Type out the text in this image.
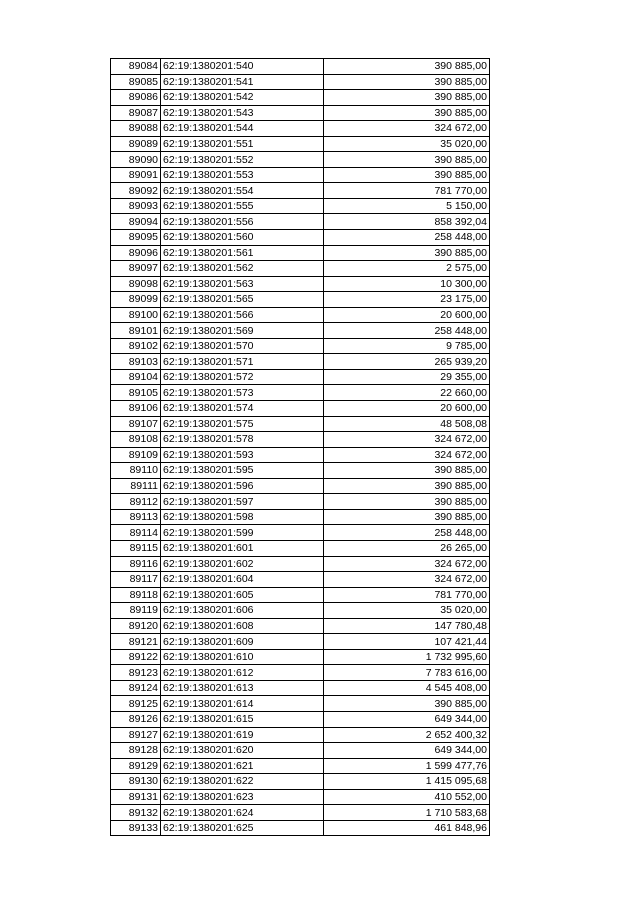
89084	62:19:1380201:540	390 885,00
89085	62:19:1380201:541	390 885,00
89086	62:19:1380201:542	390 885,00
89087	62:19:1380201:543	390 885,00
89088	62:19:1380201:544	324 672,00
89089	62:19:1380201:551	35 020,00
89090	62:19:1380201:552	390 885,00
89091	62:19:1380201:553	390 885,00
89092	62:19:1380201:554	781 770,00
89093	62:19:1380201:555	5 150,00
89094	62:19:1380201:556	858 392,04
89095	62:19:1380201:560	258 448,00
89096	62:19:1380201:561	390 885,00
89097	62:19:1380201:562	2 575,00
89098	62:19:1380201:563	10 300,00
89099	62:19:1380201:565	23 175,00
89100	62:19:1380201:566	20 600,00
89101	62:19:1380201:569	258 448,00
89102	62:19:1380201:570	9 785,00
89103	62:19:1380201:571	265 939,20
89104	62:19:1380201:572	29 355,00
89105	62:19:1380201:573	22 660,00
89106	62:19:1380201:574	20 600,00
89107	62:19:1380201:575	48 508,08
89108	62:19:1380201:578	324 672,00
89109	62:19:1380201:593	324 672,00
89110	62:19:1380201:595	390 885,00
89111	62:19:1380201:596	390 885,00
89112	62:19:1380201:597	390 885,00
89113	62:19:1380201:598	390 885,00
89114	62:19:1380201:599	258 448,00
89115	62:19:1380201:601	26 265,00
89116	62:19:1380201:602	324 672,00
89117	62:19:1380201:604	324 672,00
89118	62:19:1380201:605	781 770,00
89119	62:19:1380201:606	35 020,00
89120	62:19:1380201:608	147 780,48
89121	62:19:1380201:609	107 421,44
89122	62:19:1380201:610	1 732 995,60
89123	62:19:1380201:612	7 783 616,00
89124	62:19:1380201:613	4 545 408,00
89125	62:19:1380201:614	390 885,00
89126	62:19:1380201:615	649 344,00
89127	62:19:1380201:619	2 652 400,32
89128	62:19:1380201:620	649 344,00
89129	62:19:1380201:621	1 599 477,76
89130	62:19:1380201:622	1 415 095,68
89131	62:19:1380201:623	410 552,00
89132	62:19:1380201:624	1 710 583,68
89133	62:19:1380201:625	461 848,96
